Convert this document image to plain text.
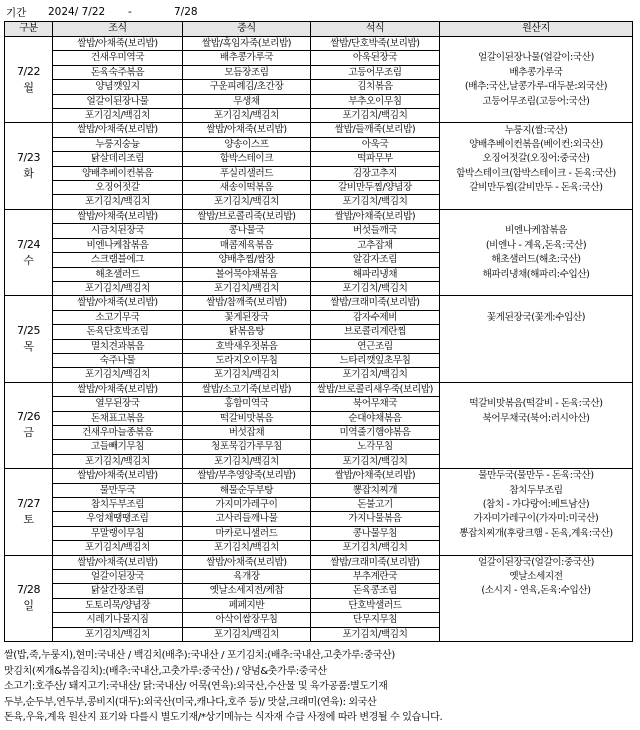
기간	2024/ 7/22	-	7/28
구분	조식	중식	석식	원산지

7/22
월	쌀밥/아채죽(보리밥)	쌀밥/흑임자죽(보리밥)	쌀밥/단호박죽(보리밥)	
	건새우미역국	배추콩가루국	아욱된장국	얼갈이된장나물(얼갈이:국산)
	돈육숙주볶음	모듬장조림	고등어무조림	배추콩가루국
	양념깻잎지	구운피례김/초간장	김치볶음	(배추:국산,날콩가루-대두분:외국산)
	얼갈이된장나물	무생채	부추오이무침	고등어무조림(고등어:국산)
	포기김치/백김치	포기김치/백김치	포기김치/백김치	

7/23
화	쌀밥/아채죽(보리밥)	쌀밥/아채죽(보리밥)	쌀밥/들깨죽(보리밥)	누룽지(쌀:국산)
	누룽지숭늉	양송이스프	아욱국	양배추베이컨볶음(베이컨:외국산)
	닭살데리조림	함박스테이크	떡파무부	오징어젓갈(오징어:중국산)
	양배추베이컨볶음	푸실리샐러드	김장고추지	함박스테이크(함박스테이크 - 돈육:국산)
	오징어젓갈	새송이떡볶음	갈비만두찜/양념장	갈비만두찜(갈비만두 - 돈육:국산)
	포기김치/백김치	포기김치/백김치	포기김치/백김치	

7/24
수	쌀밥/아채죽(보리밥)	쌀밥/브로콜리죽(보리밥)	쌀밥/아채죽(보리밥)	
	시금치된장국	콩나물국	버섯들깨국	비엔나케찹볶음
	비엔나케찹볶음	매콤제육볶음	고추잡채	(비엔나 - 계육,돈육:국산)
	스크램블에그	양배추찜/쌈장	알감자조림	해초샐러드(해초:국산)
	해초샐러드	볼어묵야채볶음	해파리냉채	해파리냉채(해파리:수입산)
	포기김치/백김치	포기김치/백김치	포기김치/백김치	

7/25
목	쌀밥/아채죽(보리밥)	쌀밥/참깨죽(보리밥)	쌀밥/크래미죽(보리밥)	
	소고기무국	꽃게된장국	감자수제비	꽃게된장국(꽃게:수입산)
	돈육단호박조림	닭볶음탕	브로콜리계란찜	
	멸치견과볶음	호박새우젓볶음	연근조림	
	숙주나물	도라지오이무침	느타리깻잎초무침	
	포기김치/백김치	포기김치/백김치	포기김치/백김치	

7/26
금	쌀밥/아채죽(보리밥)	쌀밥/소고기죽(보리밥)	쌀밥/브로콜리새우죽(보리밥)	
	열무된장국	홍합미역국	북어무채국	떡갈비맛볶음(떡갈비 - 돈육:국산)
	돈채표고볶음	떡갈비맛볶음	순대야채볶음	북어무채국(북어:러시아산)
	건새우마늘종볶음	버섯잡채	미역줄기햄야볶음	
	고들빼기무침	청포묵김가루무침	노각무침	
	포기김치/백김치	포기김치/백김치	포기김치/백김치	

7/27
토	쌀밥/아채죽(보리밥)	쌀밥/부추영양죽(보리밥)	쌀밥/아채죽(보리밥)	물만두국(물만두 - 돈육:국산)
	물만두국	해물순두부탕	뽕잡치찌개	참치두부조림
	참치두부조림	가지미가레구이	돈불고기	(참치 - 가다랑어:베트남산)
	우엉채땡땡조림	고사리들깨나물	가지나물볶음	가자미가레구이(가자미:미국산)
	무말랭이무침	마카로니샐러드	콩나물무침	뽕잡치찌개(후랑크햄 - 돈육,계육:국산)
	포기김치/백김치	포기김치/백김치	포기김치/백김치	

7/28
일	쌀밥/아채죽(보리밥)	쌀밥/아채죽(보리밥)	쌀밥/크래미죽(보리밥)	얼갈이된장국(얼갈이:중국산)
	얼갈이된장국	육개장	부추계란국	옛날소세지전
	닭살간장조림	옛날소세지전/케찹	돈육콩조림	(소시지 - 연육,돈육:수입산)
	도토리묵/양념장	페페지반	단호박샐러드	
	시레기나물지짐	아삭이쌈장무침	단무지무침	
	포기김치/백김치	포기김치/백김치	포기김치/백김치	
쌀(밥,죽,누룽지),현미:국내산 / 백김치(배추):국내산 / 포기김치:(배추:국내산,고춧가루:중국산)
맛김치(찌개&볶음김치):(배추:국내산,고춧가루:중국산) / 양념&춧가루:중국산
소고기:호주산/ 돼지고기:국내산/ 닭:국내산/ 어묵(연육):외국산,수산물 및 육가공품:별도기재
두부,순두부,연두부,콩비지(대두):외국산(미국,캐나다,호주 등)/ 맛살,크래미(연육): 외국산
돈육,우육,계육 원산지 표기와 다를시 별도기재/*상기메뉴는 식자재 수급 사정에 따라 변경될 수 있습니다.
